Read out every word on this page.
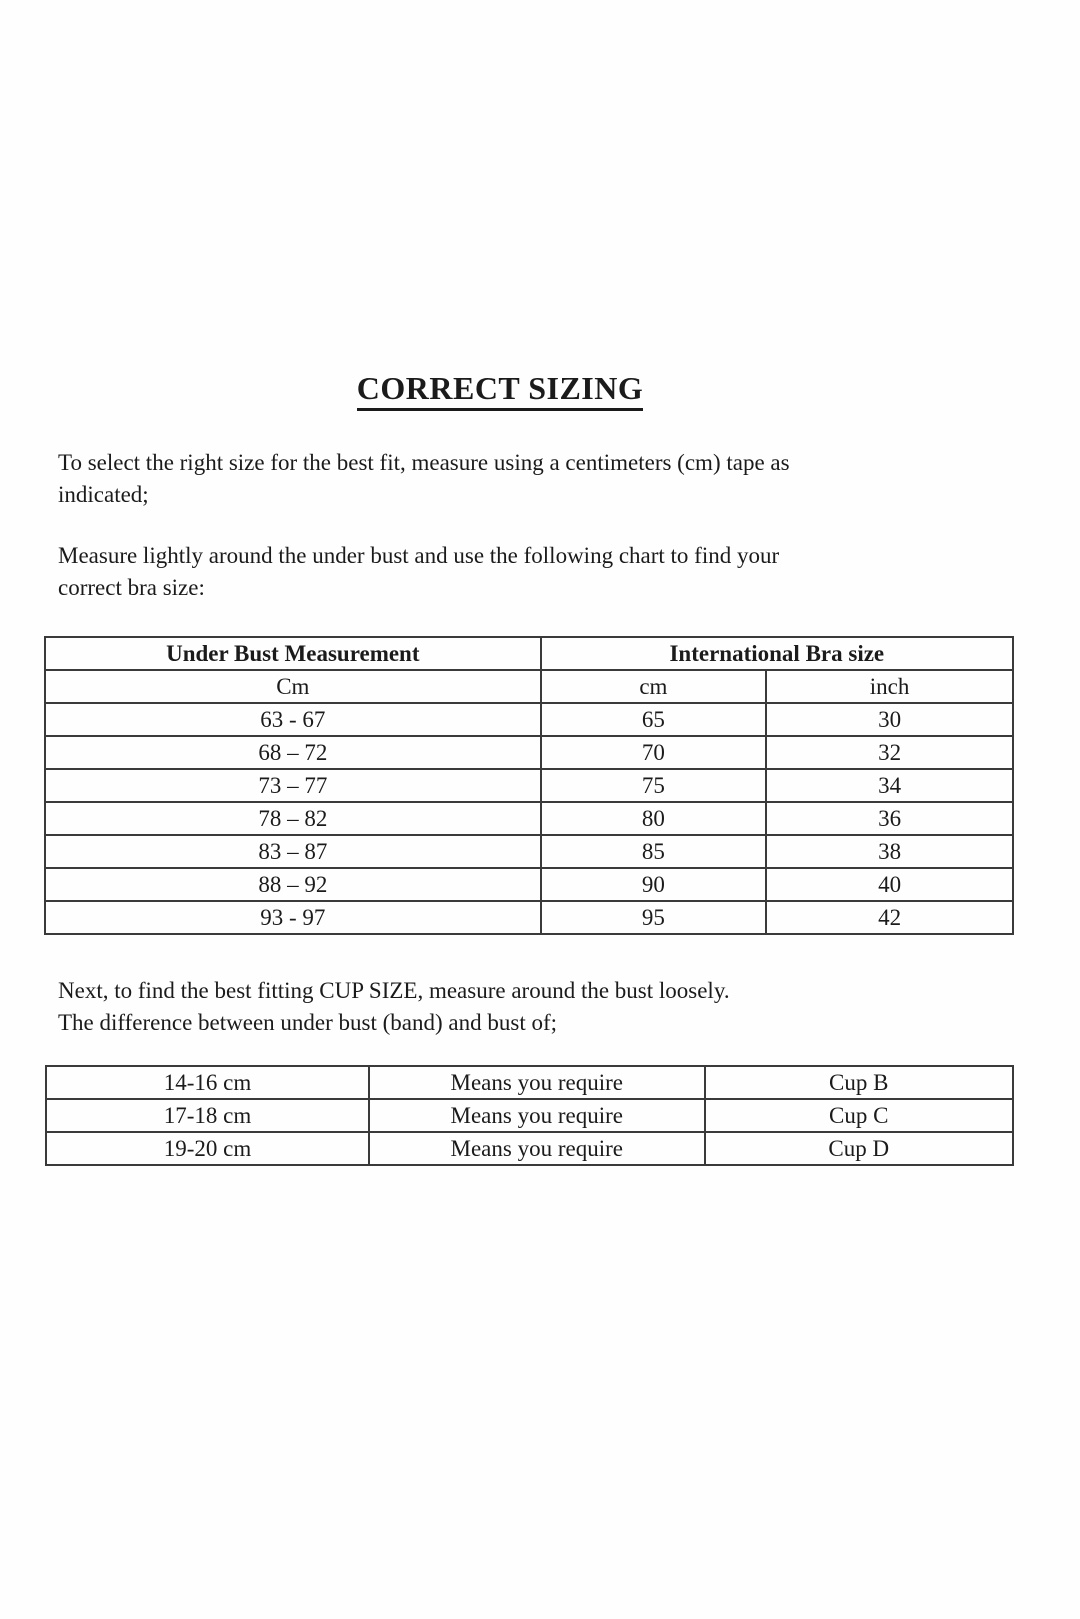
CORRECT SIZING
To select the right size for the best fit, measure using a centimeters (cm) tape as
indicated;
Measure lightly around the under bust and use the following chart to find your
correct bra size:
Under Bust Measurement	International Bra size	
Cm	cm	inch
63 - 67	65	30
68 – 72	70	32
73 – 77	75	34
78 – 82	80	36
83 – 87	85	38
88 – 92	90	40
93 - 97	95	42
Next, to find the best fitting CUP SIZE, measure around the bust loosely.
The difference between under bust (band) and bust of;
14-16 cm	Means you require	Cup B
17-18 cm	Means you require	Cup C
19-20 cm	Means you require	Cup D
